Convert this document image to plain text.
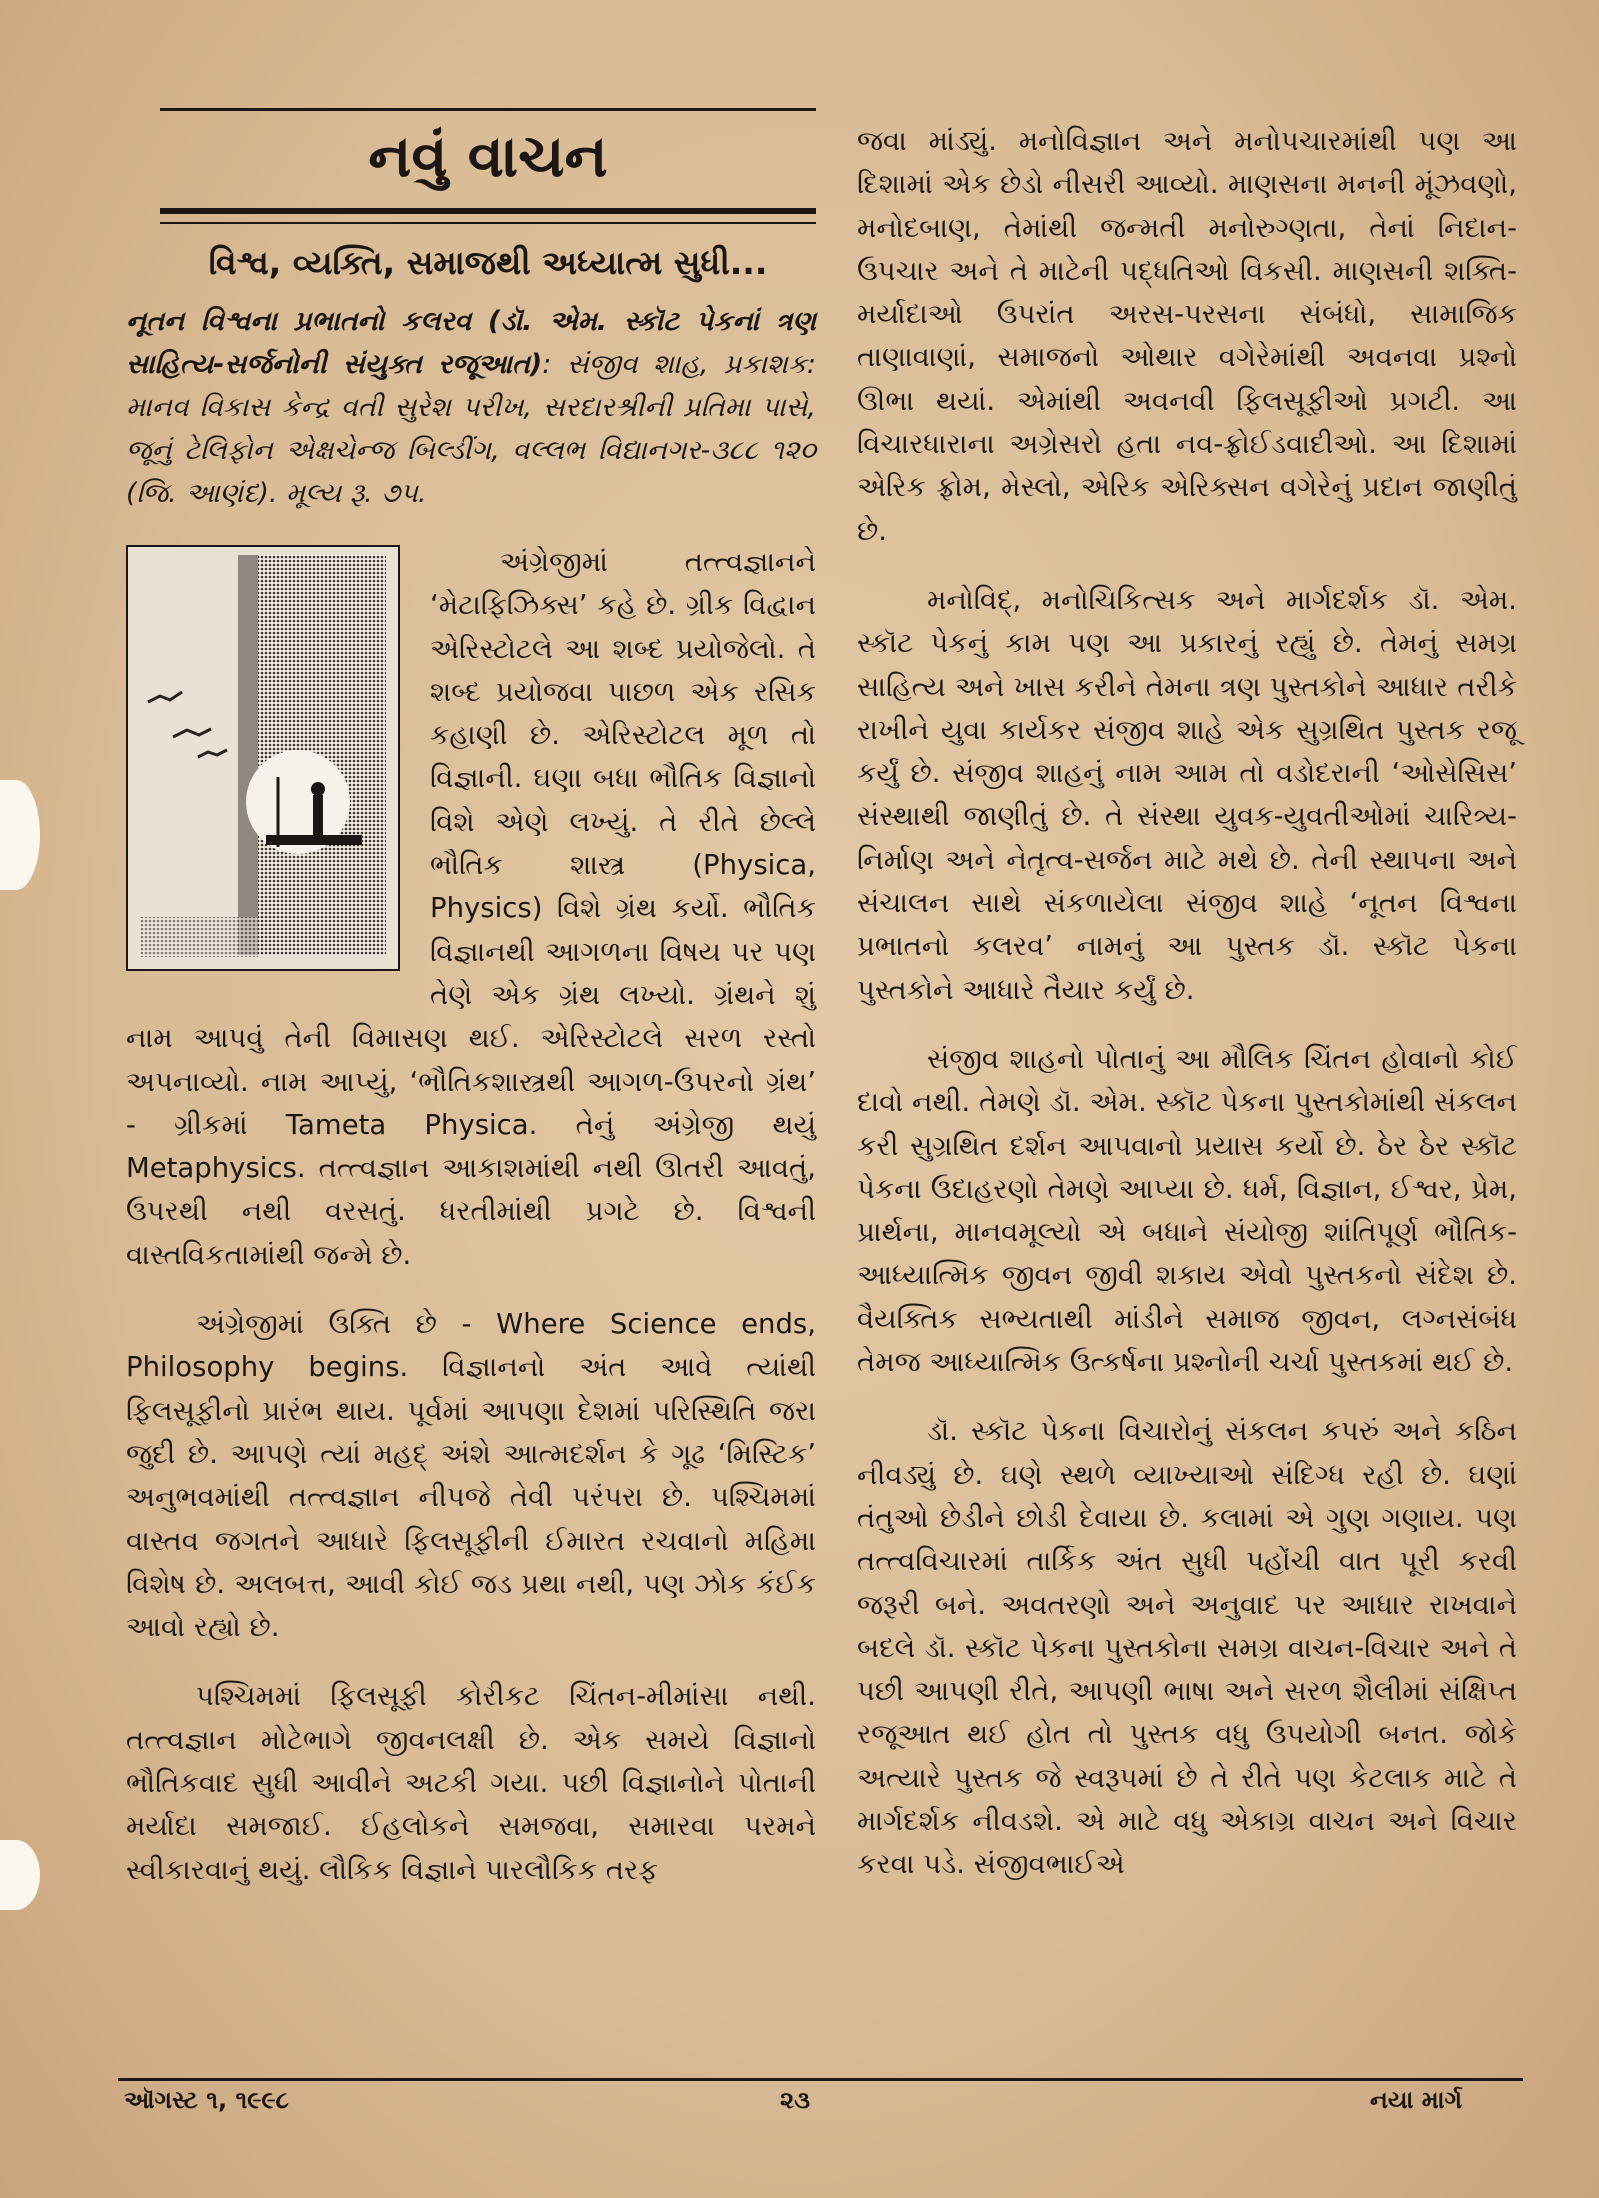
નવું વાચન
વિશ્વ, વ્યક્તિ, સમાજથી અધ્યાત્મ સુધી...
નૂતન વિશ્વના પ્રભાતનો કલરવ (ડૉ. એમ. સ્કૉટ પેકનાં ત્રણ સાહિત્ય-સર્જનોની સંયુક્ત રજૂઆત): સંજીવ શાહ, પ્રકાશક: માનવ વિકાસ કેન્દ્ર વતી સુરેશ પરીખ, સરદારશ્રીની પ્રતિમા પાસે, જૂનું ટેલિફોન એક્ષચેન્જ બિલ્ડીંગ, વલ્લભ વિદ્યાનગર-૩૮૮ ૧૨૦ (જિ. આણંદ). મૂલ્ય રૂ. ૭૫.

અંગ્રેજીમાં તત્ત્વજ્ઞાનને ‘મેટાફિઝિક્સ’ કહે છે. ગ્રીક વિદ્વાન એરિસ્ટોટલે આ શબ્દ પ્રયોજેલો. તે શબ્દ પ્રયોજવા પાછળ એક રસિક કહાણી છે. એરિસ્ટોટલ મૂળ તો વિજ્ઞાની. ઘણા બધા ભૌતિક વિજ્ઞાનો વિશે એણે લખ્યું. તે રીતે છેલ્લે ભૌતિક શાસ્ત્ર (Physica, Physics) વિશે ગ્રંથ કર્યો. ભૌતિક વિજ્ઞાનથી આગળના વિષય પર પણ તેણે એક ગ્રંથ લખ્યો. ગ્રંથને શું નામ આપવું તેની વિમાસણ થઈ. એરિસ્ટોટલે સરળ રસ્તો અપનાવ્યો. નામ આપ્યું, ‘ભૌતિકશાસ્ત્રથી આગળ-ઉપરનો ગ્રંથ’ - ગ્રીકમાં Tameta Physica. તેનું અંગ્રેજી થયું Metaphysics. તત્ત્વજ્ઞાન આકાશમાંથી નથી ઊતરી આવતું, ઉપરથી નથી વરસતું. ધરતીમાંથી પ્રગટે છે. વિશ્વની વાસ્તવિકતામાંથી જન્મે છે.

અંગ્રેજીમાં ઉક્તિ છે - Where Science ends, Philosophy begins. વિજ્ઞાનનો અંત આવે ત્યાંથી ફિલસૂફીનો પ્રારંભ થાય. પૂર્વમાં આપણા દેશમાં પરિસ્થિતિ જરા જુદી છે. આપણે ત્યાં મહદ્ અંશે આત્મદર્શન કે ગૂઢ ‘મિસ્ટિક’ અનુભવમાંથી તત્ત્વજ્ઞાન નીપજે તેવી પરંપરા છે. પશ્ચિમમાં વાસ્તવ જગતને આધારે ફિલસૂફીની ઈમારત રચવાનો મહિમા વિશેષ છે. અલબત્ત, આવી કોઈ જડ પ્રથા નથી, પણ ઝોક કંઈક આવો રહ્યો છે.

પશ્ચિમમાં ફિલસૂફી કોરીકટ ચિંતન-મીમાંસા નથી. તત્ત્વજ્ઞાન મોટેભાગે જીવનલક્ષી છે. એક સમયે વિજ્ઞાનો ભૌતિકવાદ સુધી આવીને અટકી ગયા. પછી વિજ્ઞાનોને પોતાની મર્યાદા સમજાઈ. ઈહલોકને સમજવા, સમારવા પરમને સ્વીકારવાનું થયું. લૌકિક વિજ્ઞાને પારલૌકિક તરફ

જવા માંડ્યું. મનોવિજ્ઞાન અને મનોપચારમાંથી પણ આ દિશામાં એક છેડો નીસરી આવ્યો. માણસના મનની મૂંઝવણો, મનોદબાણ, તેમાંથી જન્મતી મનોરુગ્ણતા, તેનાં નિદાન- ઉપચાર અને તે માટેની પદ્ધતિઓ વિકસી. માણસની શક્તિ-મર્યાદાઓ ઉપરાંત અરસ-પરસના સંબંધો, સામાજિક તાણાવાણાં, સમાજનો ઓથાર વગેરેમાંથી અવનવા પ્રશ્નો ઊભા થયાં. એમાંથી અવનવી ફિલસૂફીઓ પ્રગટી. આ વિચારધારાના અગ્રેસરો હતા નવ-ફ્રોઈડવાદીઓ. આ દિશામાં એરિક ફ્રોમ, મેસ્લો, એરિક એરિક્સન વગેરેનું પ્રદાન જાણીતું છે.

મનોવિદ્, મનોચિકિત્સક અને માર્ગદર્શક ડૉ. એમ. સ્કૉટ પેકનું કામ પણ આ પ્રકારનું રહ્યું છે. તેમનું સમગ્ર સાહિત્ય અને ખાસ કરીને તેમના ત્રણ પુસ્તકોને આધાર તરીકે રાખીને યુવા કાર્યકર સંજીવ શાહે એક સુગ્રથિત પુસ્તક રજૂ કર્યું છે. સંજીવ શાહનું નામ આમ તો વડોદરાની ‘ઓસેસિસ’ સંસ્થાથી જાણીતું છે. તે સંસ્થા યુવક-યુવતીઓમાં ચારિત્ર્ય-નિર્માણ અને નેતૃત્વ-સર્જન માટે મથે છે. તેની સ્થાપના અને સંચાલન સાથે સંકળાયેલા સંજીવ શાહે ‘નૂતન વિશ્વના પ્રભાતનો કલરવ’ નામનું આ પુસ્તક ડૉ. સ્કૉટ પેકના પુસ્તકોને આધારે તૈયાર કર્યું છે.

સંજીવ શાહનો પોતાનું આ મૌલિક ચિંતન હોવાનો કોઈ દાવો નથી. તેમણે ડૉ. એમ. સ્કૉટ પેકના પુસ્તકોમાંથી સંકલન કરી સુગ્રથિત દર્શન આપવાનો પ્રયાસ કર્યો છે. ઠેર ઠેર સ્કૉટ પેકના ઉદાહરણો તેમણે આપ્યા છે. ધર્મ, વિજ્ઞાન, ઈશ્વર, પ્રેમ, પ્રાર્થના, માનવમૂલ્યો એ બધાને સંયોજી શાંતિપૂર્ણ ભૌતિક-આધ્યાત્મિક જીવન જીવી શકાય એવો પુસ્તકનો સંદેશ છે. વૈયક્તિક સભ્યતાથી માંડીને સમાજ જીવન, લગ્નસંબંધ તેમજ આધ્યાત્મિક ઉત્કર્ષના પ્રશ્નોની ચર્ચા પુસ્તકમાં થઈ છે.

ડૉ. સ્કૉટ પેકના વિચારોનું સંકલન કપરું અને કઠિન નીવડ્યું છે. ઘણે સ્થળે વ્યાખ્યાઓ સંદિગ્ધ રહી છે. ઘણાં તંતુઓ છેડીને છોડી દેવાયા છે. કલામાં એ ગુણ ગણાય. પણ તત્ત્વવિચારમાં તાર્કિક અંત સુધી પહોંચી વાત પૂરી કરવી જરૂરી બને. અવતરણો અને અનુવાદ પર આધાર રાખવાને બદલે ડૉ. સ્કૉટ પેકના પુસ્તકોના સમગ્ર વાચન-વિચાર અને તે પછી આપણી રીતે, આપણી ભાષા અને સરળ શૈલીમાં સંક્ષિપ્ત રજૂઆત થઈ હોત તો પુસ્તક વધુ ઉપયોગી બનત. જોકે અત્યારે પુસ્તક જે સ્વરૂપમાં છે તે રીતે પણ કેટલાક માટે તે માર્ગદર્શક નીવડશે. એ માટે વધુ એકાગ્ર વાચન અને વિચાર કરવા પડે. સંજીવભાઈએ

ઑગસ્ટ ૧, ૧૯૯૮	૨૩	નયા માર્ગ
